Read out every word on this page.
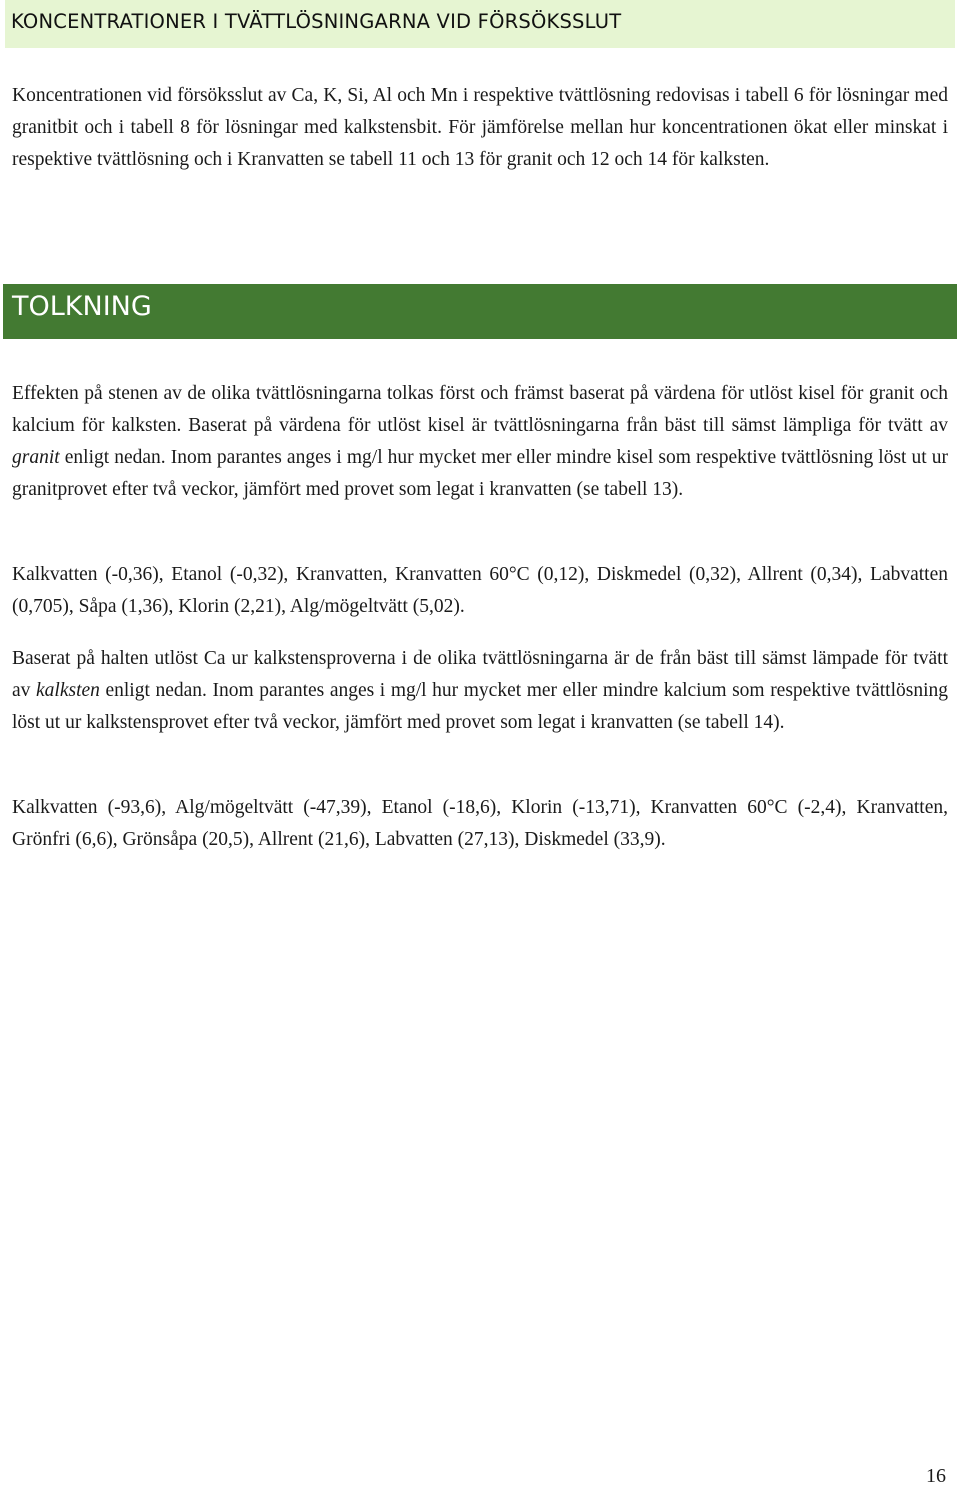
KONCENTRATIONER I TVÄTTLÖSNINGARNA VID FÖRSÖKSSLUT

Koncentrationen vid försöksslut av Ca, K, Si, Al och Mn i respektive tvättlösning redovisas i tabell 6 för lösningar med granitbit och i tabell 8 för lösningar med kalkstensbit. För jämförelse mellan hur koncentrationen ökat eller minskat i respektive tvättlösning och i Kranvatten se tabell 11 och 13 för granit och 12 och 14 för kalksten.

TOLKNING

Effekten på stenen av de olika tvättlösningarna tolkas först och främst baserat på värdena för utlöst kisel för granit och kalcium för kalksten. Baserat på värdena för utlöst kisel är tvättlösningarna från bäst till sämst lämpliga för tvätt av granit enligt nedan. Inom parantes anges i mg/l hur mycket mer eller mindre kisel som respektive tvättlösning löst ut ur granitprovet efter två veckor, jämfört med provet som legat i kranvatten (se tabell 13).

Kalkvatten (-0,36), Etanol (-0,32), Kranvatten, Kranvatten 60°C (0,12), Diskmedel (0,32), Allrent (0,34), Labvatten (0,705), Såpa (1,36), Klorin (2,21), Alg/mögeltvätt (5,02).

Baserat på halten utlöst Ca ur kalkstensproverna i de olika tvättlösningarna är de från bäst till sämst lämpade för tvätt av kalksten enligt nedan. Inom parantes anges i mg/l hur mycket mer eller mindre kalcium som respektive tvättlösning löst ut ur kalkstensprovet efter två veckor, jämfört med provet som legat i kranvatten (se tabell 14).

Kalkvatten (-93,6), Alg/mögeltvätt (-47,39), Etanol (-18,6), Klorin (-13,71), Kranvatten 60°C (-2,4), Kranvatten, Grönfri (6,6), Grönsåpa (20,5), Allrent (21,6), Labvatten (27,13), Diskmedel (33,9).

16
